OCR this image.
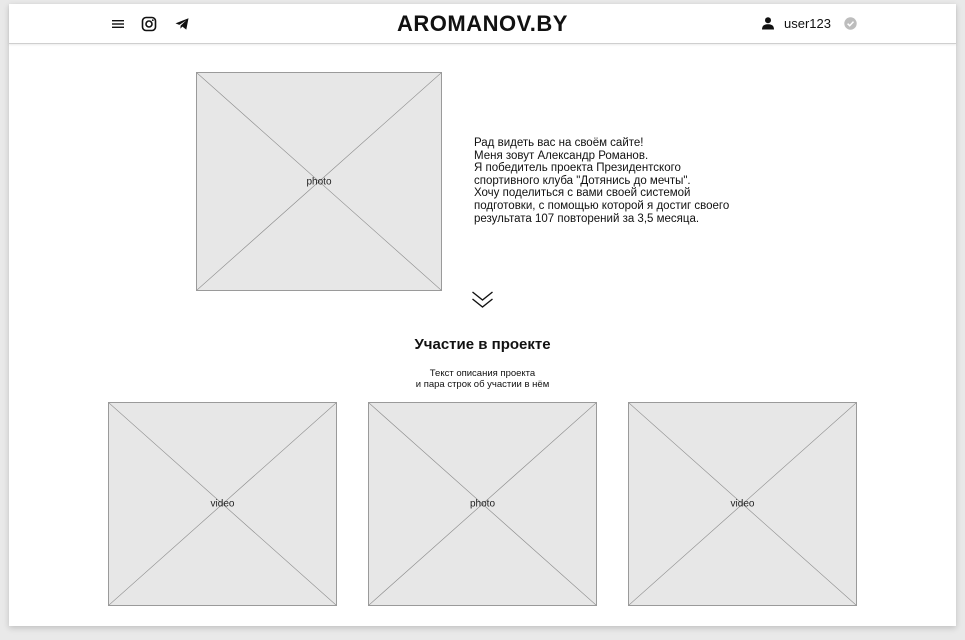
AROMANOV.BY	user123
photo
Рад видеть вас на своём сайте!
Меня зовут Александр Романов.
Я победитель проекта Президентского
спортивного клуба "Дотянись до мечты".
Хочу поделиться с вами своей системой
подготовки, с помощью которой я достиг своего
результата 107 повторений за 3,5 месяца.
Участие в проекте
Текст описания проекта
и пара строк об участии в нём
video	photo	video
